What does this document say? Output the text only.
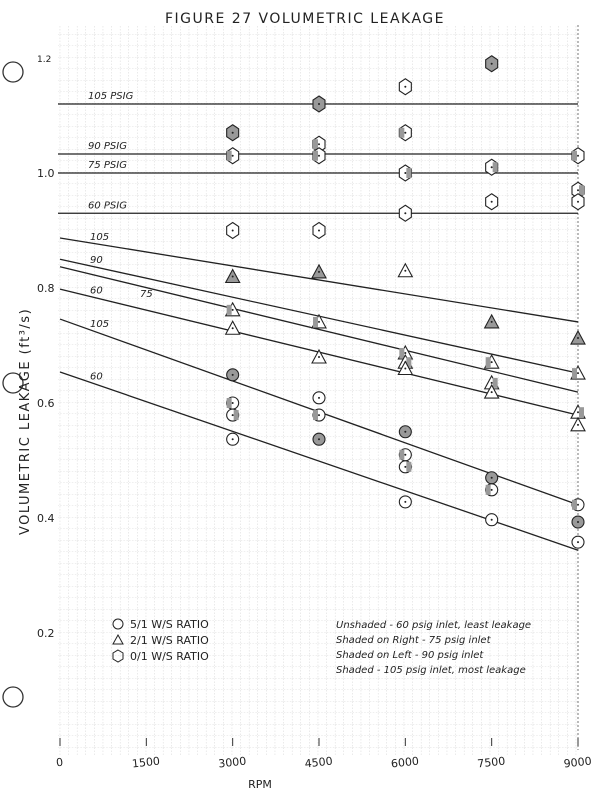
FIGURE 27 VOLUMETRIC LEAKAGE
RPM
VOLUMETRIC LEAKAGE (ft³/s)
0	1500	3000	4500	6000	7500	9000
0.2
0.4
0.6
0.8
1.0
1.2
105 PSIG
90 PSIG
75 PSIG
60 PSIG
105
90
75
60
105
60
5/1 W/S RATIO
2/1 W/S RATIO
0/1 W/S RATIO
Unshaded - 60 psig inlet, least leakage
Shaded on Right - 75 psig inlet
Shaded on Left - 90 psig inlet
Shaded - 105 psig inlet, most leakage
